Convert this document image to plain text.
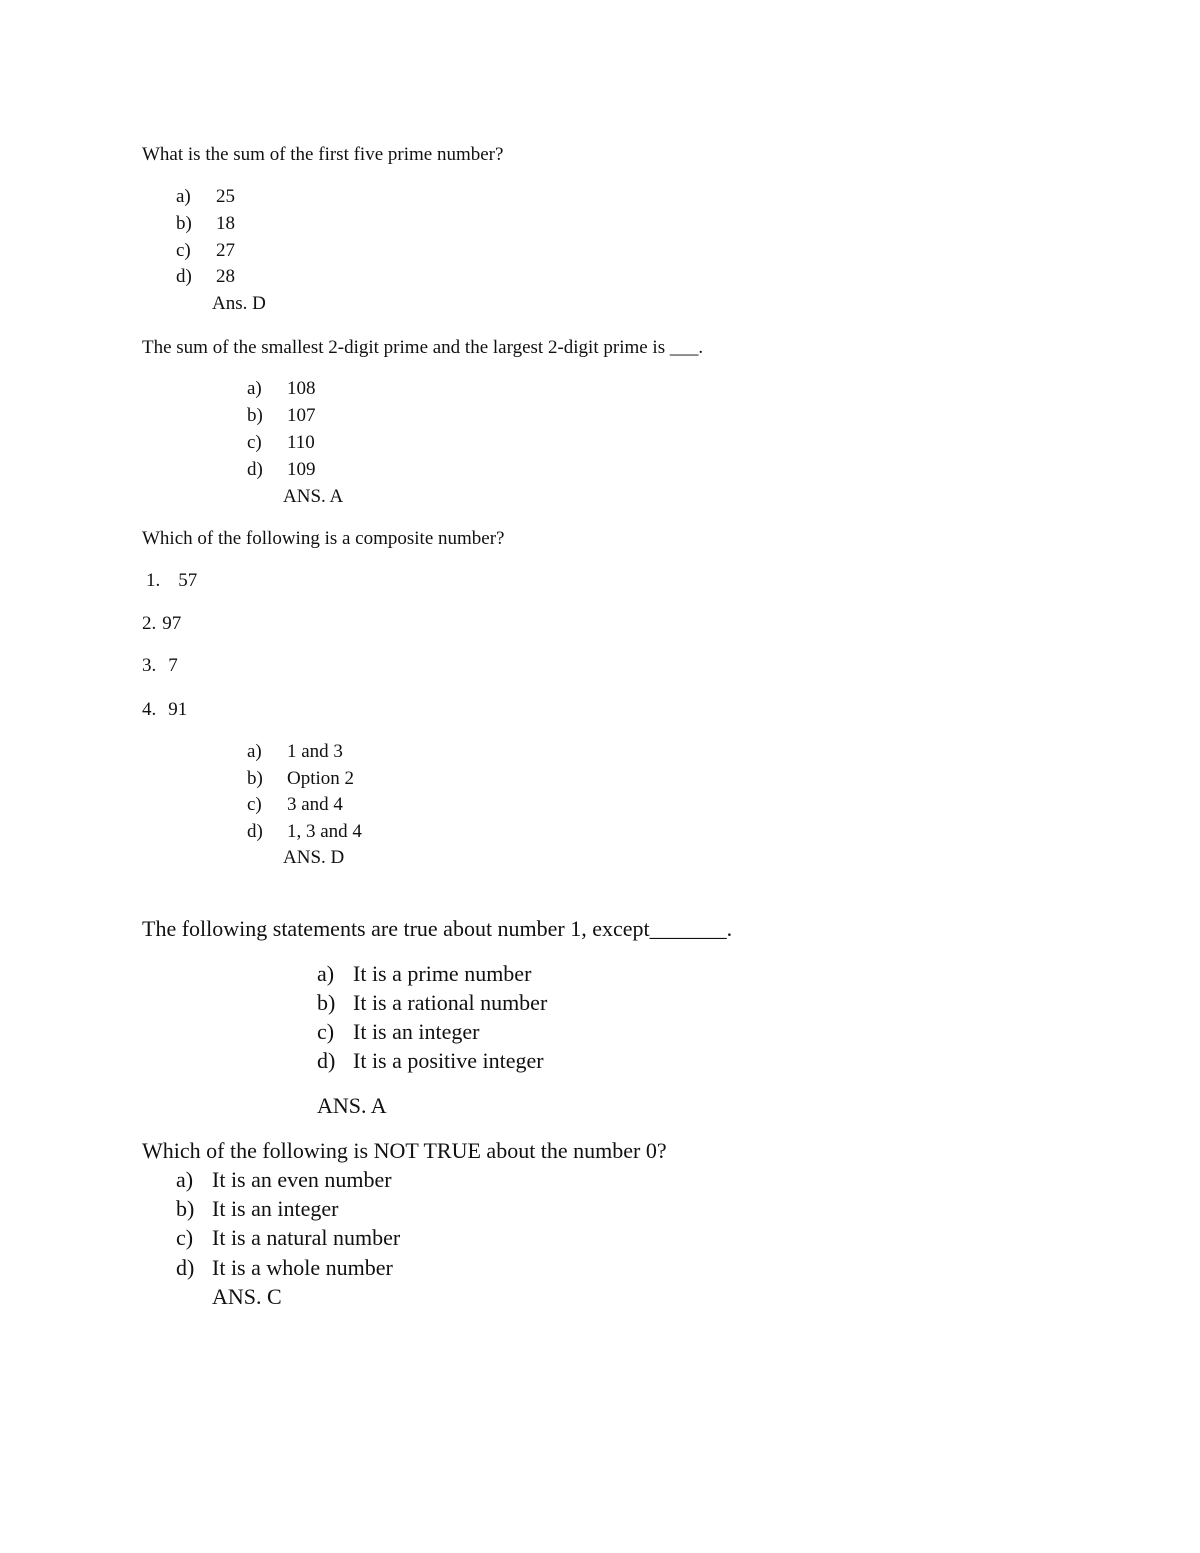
What is the sum of the first five prime number?
a) 25
b) 18
c) 27
d) 28
Ans. D
The sum of the smallest 2-digit prime and the largest 2-digit prime is ___.
a) 108
b) 107
c) 110
d) 109
ANS. A
Which of the following is a composite number?
1. 57
2. 97
3. 7
4. 91
a) 1 and 3
b) Option 2
c) 3 and 4
d) 1, 3 and 4
ANS. D
The following statements are true about number 1, except_______.
a) It is a prime number
b) It is a rational number
c) It is an integer
d) It is a positive integer
ANS. A
Which of the following is NOT TRUE about the number 0?
a) It is an even number
b) It is an integer
c) It is a natural number
d) It is a whole number
ANS. C
